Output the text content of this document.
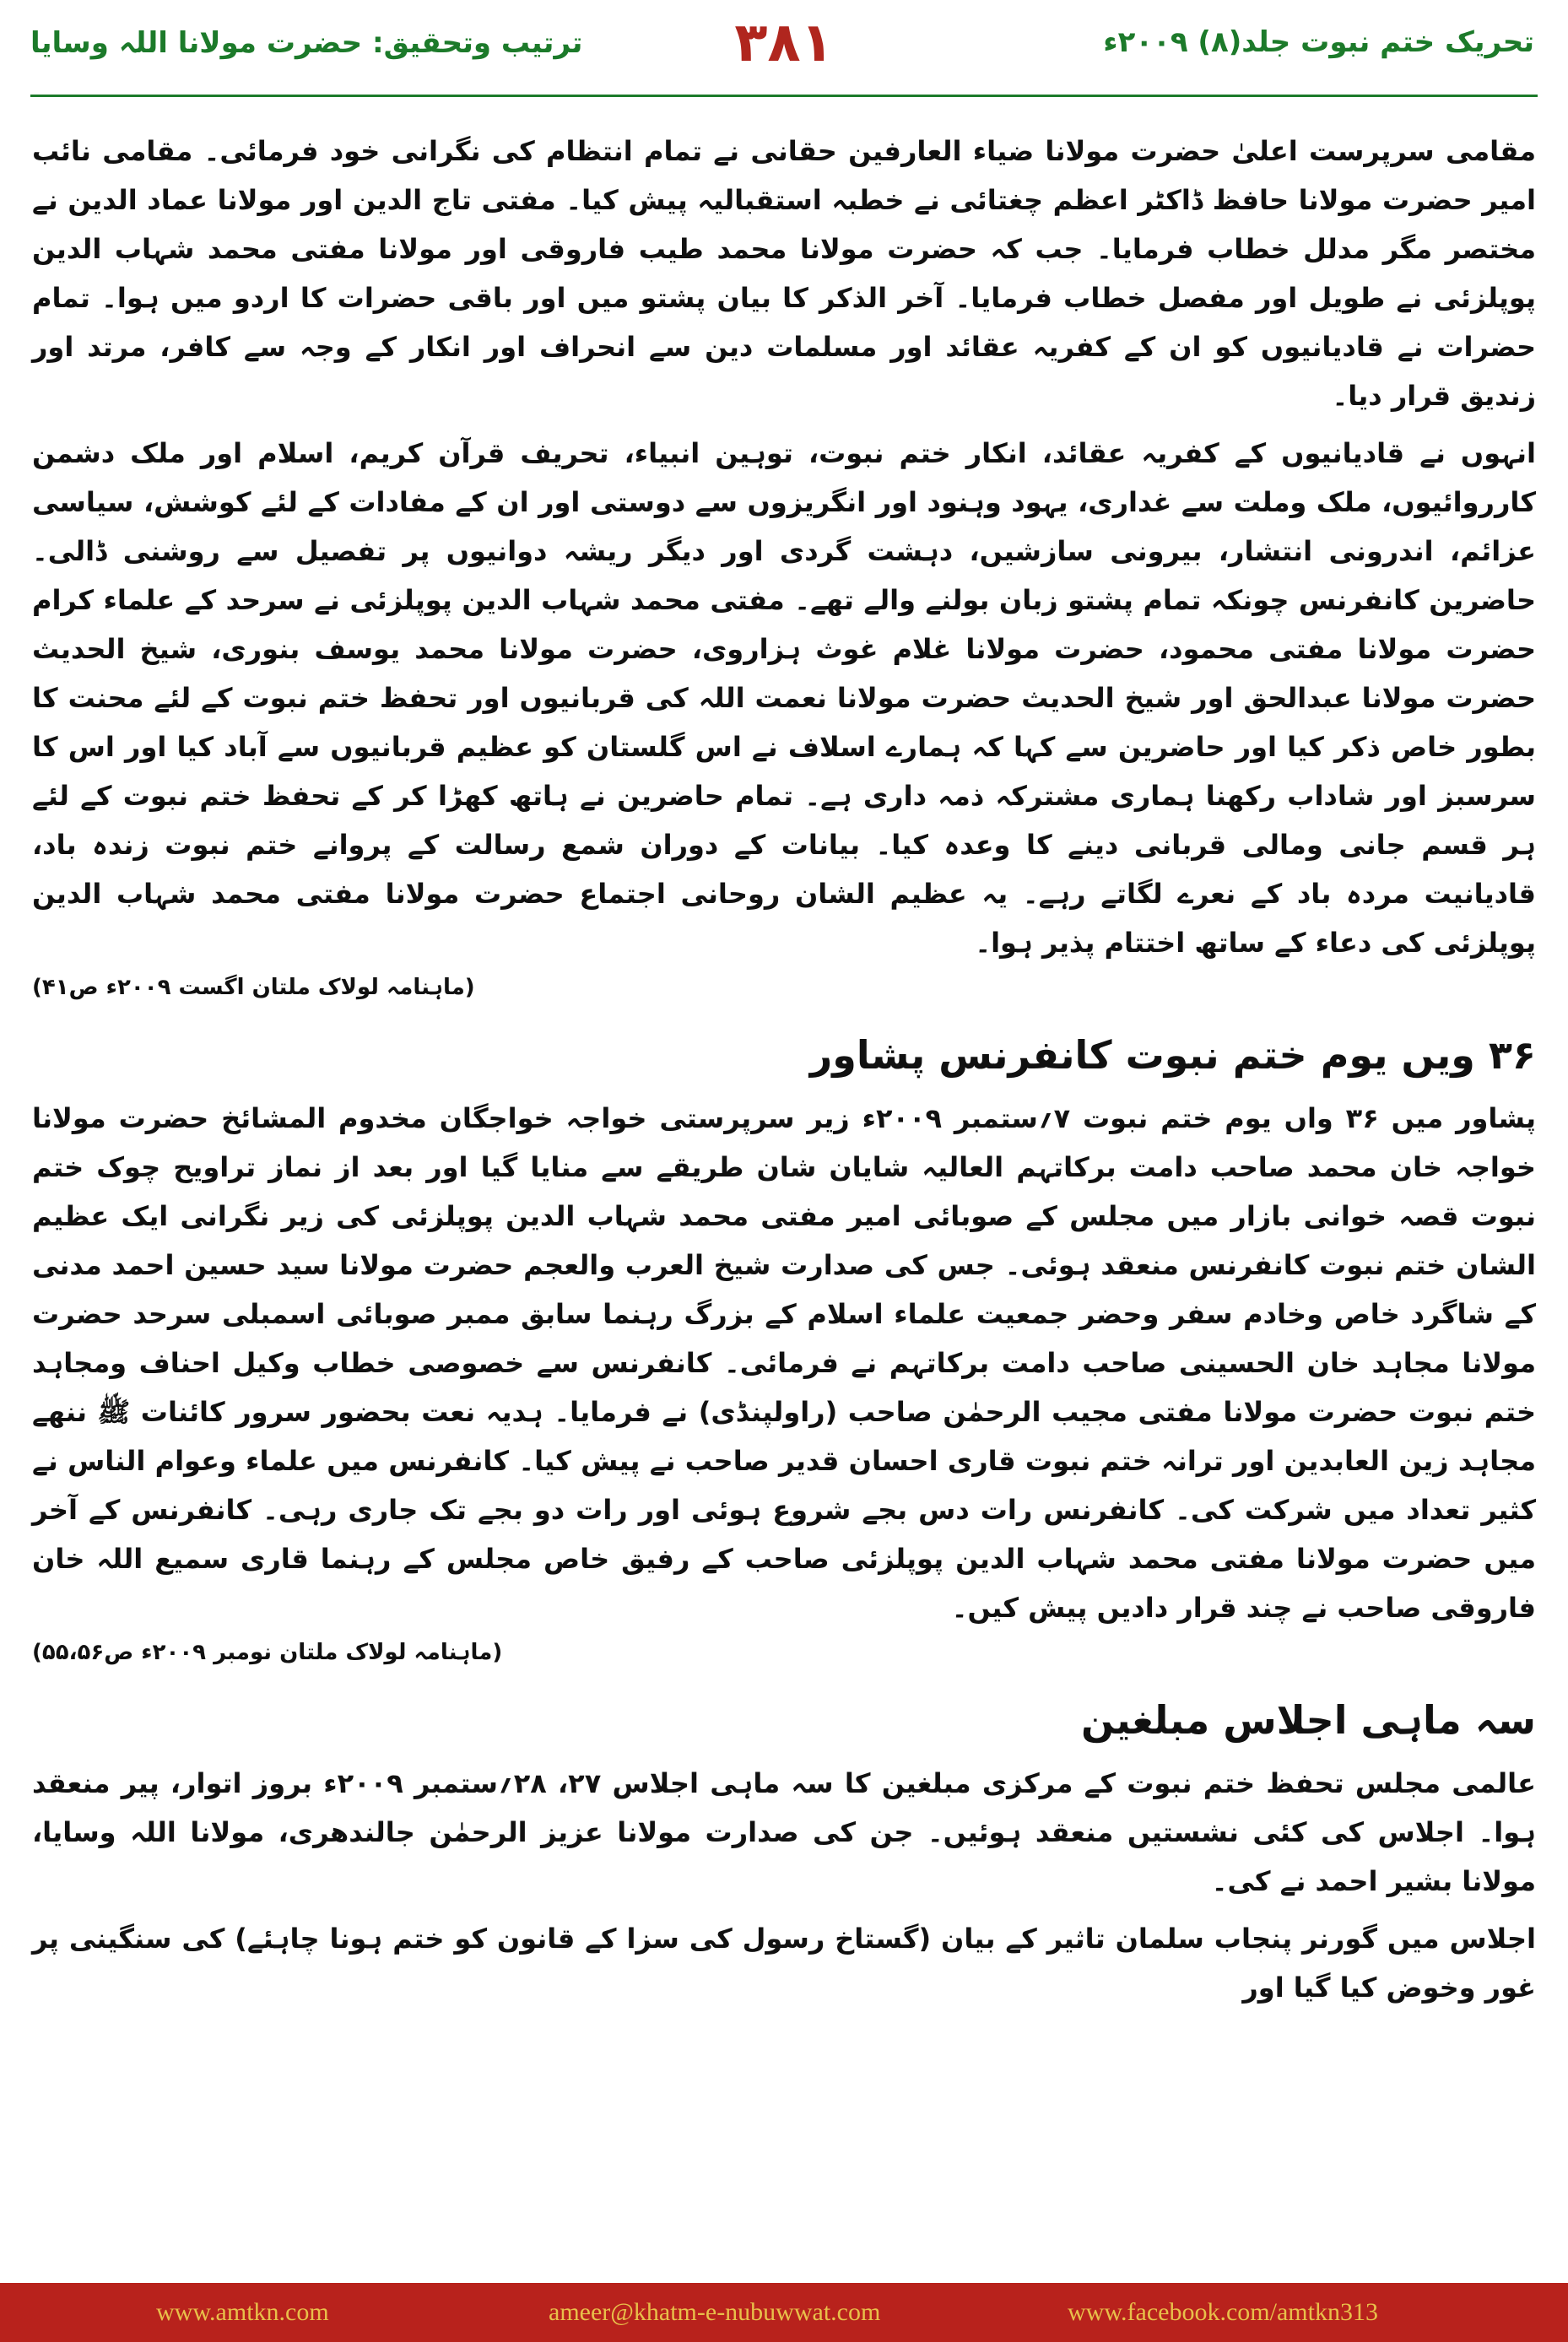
تحریک ختم نبوت جلد(۸) ۲۰۰۹ء
۳۸۱
ترتیب وتحقیق: حضرت مولانا اللہ وسایا

مقامی سرپرست اعلیٰ حضرت مولانا ضیاء العارفین حقانی نے تمام انتظام کی نگرانی خود فرمائی۔ مقامی نائب امیر حضرت مولانا حافظ ڈاکٹر اعظم چغتائی نے خطبہ استقبالیہ پیش کیا۔ مفتی تاج الدین اور مولانا عماد الدین نے مختصر مگر مدلل خطاب فرمایا۔ جب کہ حضرت مولانا محمد طیب فاروقی اور مولانا مفتی محمد شہاب الدین پوپلزئی نے طویل اور مفصل خطاب فرمایا۔ آخر الذکر کا بیان پشتو میں اور باقی حضرات کا اردو میں ہوا۔ تمام حضرات نے قادیانیوں کو ان کے کفریہ عقائد اور مسلمات دین سے انحراف اور انکار کے وجہ سے کافر، مرتد اور زندیق قرار دیا۔

انہوں نے قادیانیوں کے کفریہ عقائد، انکار ختم نبوت، توہین انبیاء، تحریف قرآن کریم، اسلام اور ملک دشمن کارروائیوں، ملک وملت سے غداری، یہود وہنود اور انگریزوں سے دوستی اور ان کے مفادات کے لئے کوشش، سیاسی عزائم، اندرونی انتشار، بیرونی سازشیں، دہشت گردی اور دیگر ریشہ دوانیوں پر تفصیل سے روشنی ڈالی۔ حاضرین کانفرنس چونکہ تمام پشتو زبان بولنے والے تھے۔ مفتی محمد شہاب الدین پوپلزئی نے سرحد کے علماء کرام حضرت مولانا مفتی محمود، حضرت مولانا غلام غوث ہزاروی، حضرت مولانا محمد یوسف بنوری، شیخ الحدیث حضرت مولانا عبدالحق اور شیخ الحدیث حضرت مولانا نعمت اللہ کی قربانیوں اور تحفظ ختم نبوت کے لئے محنت کا بطور خاص ذکر کیا اور حاضرین سے کہا کہ ہمارے اسلاف نے اس گلستان کو عظیم قربانیوں سے آباد کیا اور اس کا سرسبز اور شاداب رکھنا ہماری مشترکہ ذمہ داری ہے۔ تمام حاضرین نے ہاتھ کھڑا کر کے تحفظ ختم نبوت کے لئے ہر قسم جانی ومالی قربانی دینے کا وعدہ کیا۔ بیانات کے دوران شمع رسالت کے پروانے ختم نبوت زندہ باد، قادیانیت مردہ باد کے نعرے لگاتے رہے۔ یہ عظیم الشان روحانی اجتماع حضرت مولانا مفتی محمد شہاب الدین پوپلزئی کی دعاء کے ساتھ اختتام پذیر ہوا۔

(ماہنامہ لولاک ملتان اگست ۲۰۰۹ء ص۴۱)
۳۶ ویں یوم ختم نبوت کانفرنس پشاور

پشاور میں ۳۶ واں یوم ختم نبوت ۷؍ستمبر ۲۰۰۹ء زیر سرپرستی خواجہ خواجگان مخدوم المشائخ حضرت مولانا خواجہ خان محمد صاحب دامت برکاتہم العالیہ شایان شان طریقے سے منایا گیا اور بعد از نماز تراویح چوک ختم نبوت قصہ خوانی بازار میں مجلس کے صوبائی امیر مفتی محمد شہاب الدین پوپلزئی کی زیر نگرانی ایک عظیم الشان ختم نبوت کانفرنس منعقد ہوئی۔ جس کی صدارت شیخ العرب والعجم حضرت مولانا سید حسین احمد مدنی کے شاگرد خاص وخادم سفر وحضر جمعیت علماء اسلام کے بزرگ رہنما سابق ممبر صوبائی اسمبلی سرحد حضرت مولانا مجاہد خان الحسینی صاحب دامت برکاتہم نے فرمائی۔ کانفرنس سے خصوصی خطاب وکیل احناف ومجاہد ختم نبوت حضرت مولانا مفتی مجیب الرحمٰن صاحب (راولپنڈی) نے فرمایا۔ ہدیہ نعت بحضور سرور کائنات ﷺ ننھے مجاہد زین العابدین اور ترانہ ختم نبوت قاری احسان قدیر صاحب نے پیش کیا۔ کانفرنس میں علماء وعوام الناس نے کثیر تعداد میں شرکت کی۔ کانفرنس رات دس بجے شروع ہوئی اور رات دو بجے تک جاری رہی۔ کانفرنس کے آخر میں حضرت مولانا مفتی محمد شہاب الدین پوپلزئی صاحب کے رفیق خاص مجلس کے رہنما قاری سمیع اللہ خان فاروقی صاحب نے چند قرار دادیں پیش کیں۔

(ماہنامہ لولاک ملتان نومبر ۲۰۰۹ء ص۵۵،۵۶)
سہ ماہی اجلاس مبلغین

عالمی مجلس تحفظ ختم نبوت کے مرکزی مبلغین کا سہ ماہی اجلاس ۲۷، ۲۸؍ستمبر ۲۰۰۹ء بروز اتوار، پیر منعقد ہوا۔ اجلاس کی کئی نشستیں منعقد ہوئیں۔ جن کی صدارت مولانا عزیز الرحمٰن جالندھری، مولانا اللہ وسایا، مولانا بشیر احمد نے کی۔

اجلاس میں گورنر پنجاب سلمان تاثیر کے بیان (گستاخ رسول کی سزا کے قانون کو ختم ہونا چاہئے) کی سنگینی پر غور وخوض کیا گیا اور

www.amtkn.com	ameer@khatm-e-nubuwwat.com	www.facebook.com/amtkn313
